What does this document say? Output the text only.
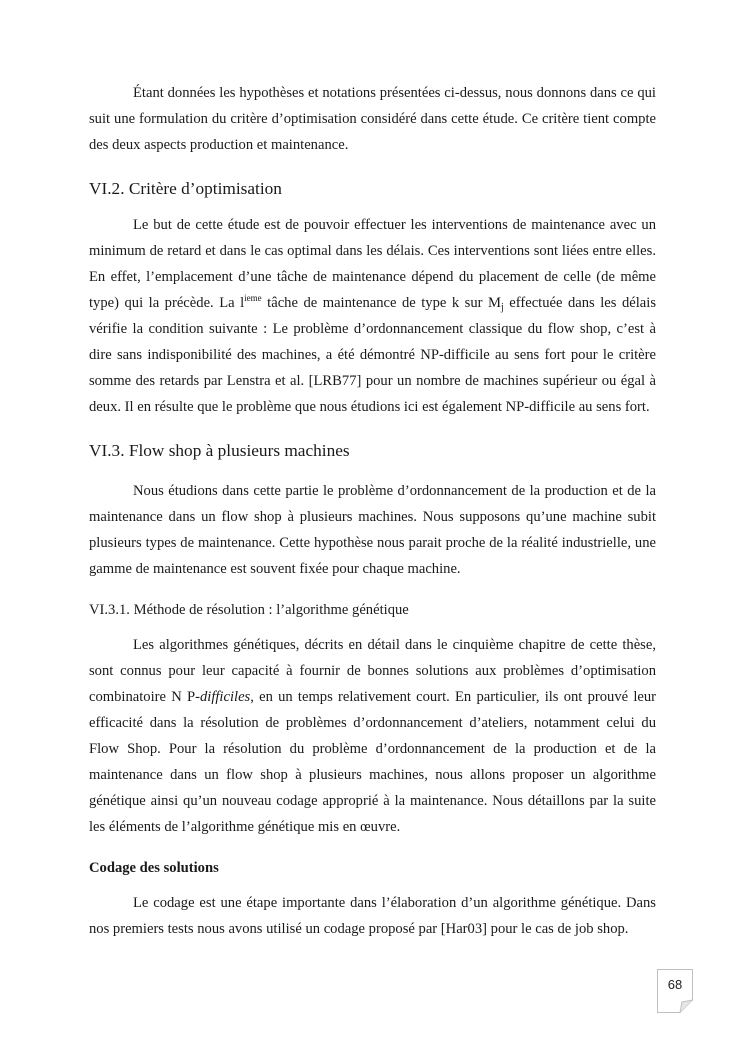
Étant données les hypothèses et notations présentées ci-dessus, nous donnons dans ce qui suit une formulation du critère d’optimisation considéré dans cette étude. Ce critère tient compte des deux aspects production et maintenance.

VI.2. Critère d’optimisation

Le but de cette étude est de pouvoir effectuer les interventions de maintenance avec un minimum de retard et dans le cas optimal dans les délais. Ces interventions sont liées entre elles. En effet, l’emplacement d’une tâche de maintenance dépend du placement de celle (de même type) qui la précède. La $l^{ieme}$ tâche de maintenance de type k sur $M_j$ effectuée dans les délais vérifie la condition suivante : Le problème d’ordonnancement classique du flow shop, c’est à dire sans indisponibilité des machines, a été démontré NP-difficile au sens fort pour le critère somme des retards par Lenstra et al. [LRB77] pour un nombre de machines supérieur ou égal à deux. Il en résulte que le problème que nous étudions ici est également NP-difficile au sens fort.

VI.3. Flow shop à plusieurs machines

Nous étudions dans cette partie le problème d’ordonnancement de la production et de la maintenance dans un flow shop à plusieurs machines. Nous supposons qu’une machine subit plusieurs types de maintenance. Cette hypothèse nous parait proche de la réalité industrielle, une gamme de maintenance est souvent fixée pour chaque machine.

VI.3.1. Méthode de résolution : l’algorithme génétique

Les algorithmes génétiques, décrits en détail dans le cinquième chapitre de cette thèse, sont connus pour leur capacité à fournir de bonnes solutions aux problèmes d’optimisation combinatoire N P-difficiles, en un temps relativement court. En particulier, ils ont prouvé leur efficacité dans la résolution de problèmes d’ordonnancement d’ateliers, notamment celui du Flow Shop. Pour la résolution du problème d’ordonnancement de la production et de la maintenance dans un flow shop à plusieurs machines, nous allons proposer un algorithme génétique ainsi qu’un nouveau codage approprié à la maintenance. Nous détaillons par la suite les éléments de l’algorithme génétique mis en œuvre.

Codage des solutions

Le codage est une étape importante dans l’élaboration d’un algorithme génétique. Dans nos premiers tests nous avons utilisé un codage proposé par [Har03] pour le cas de job shop.

68
